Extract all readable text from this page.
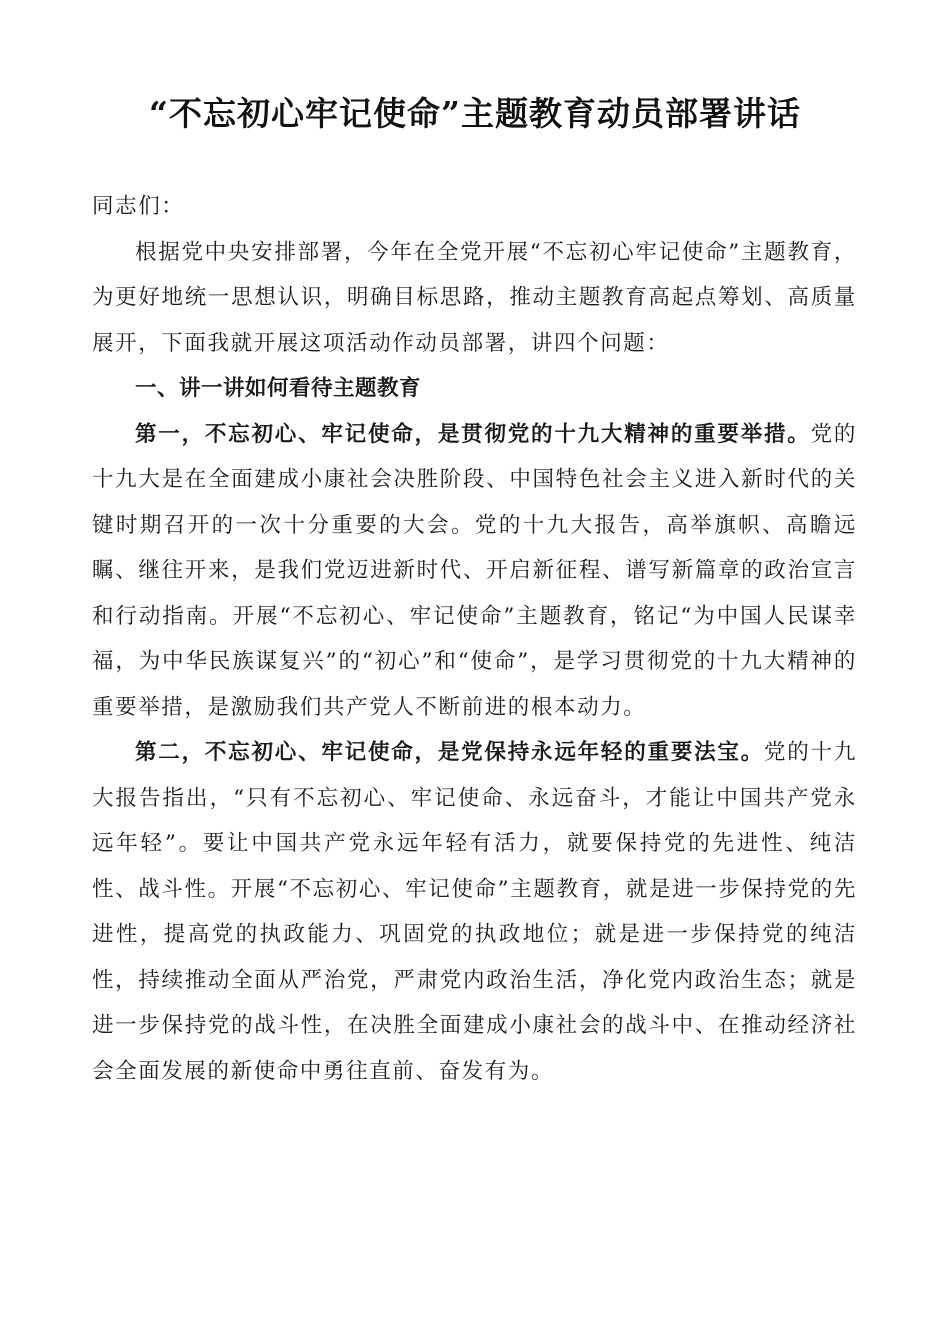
“不忘初心牢记使命”主题教育动员部署讲话

同志们：

根据党中央安排部署，今年在全党开展“不忘初心牢记使命”主题教育，为更好地统一思想认识，明确目标思路，推动主题教育高起点筹划、高质量展开，下面我就开展这项活动作动员部署，讲四个问题：

一、讲一讲如何看待主题教育

第一，不忘初心、牢记使命，是贯彻党的十九大精神的重要举措。党的十九大是在全面建成小康社会决胜阶段、中国特色社会主义进入新时代的关键时期召开的一次十分重要的大会。党的十九大报告，高举旗帜、高瞻远瞩、继往开来，是我们党迈进新时代、开启新征程、谱写新篇章的政治宣言和行动指南。开展“不忘初心、牢记使命”主题教育，铭记“为中国人民谋幸福，为中华民族谋复兴”的“初心”和“使命”，是学习贯彻党的十九大精神的重要举措，是激励我们共产党人不断前进的根本动力。

第二，不忘初心、牢记使命，是党保持永远年轻的重要法宝。党的十九大报告指出，“只有不忘初心、牢记使命、永远奋斗，才能让中国共产党永远年轻”。要让中国共产党永远年轻有活力，就要保持党的先进性、纯洁性、战斗性。开展“不忘初心、牢记使命”主题教育，就是进一步保持党的先进性，提高党的执政能力、巩固党的执政地位；就是进一步保持党的纯洁性，持续推动全面从严治党，严肃党内政治生活，净化党内政治生态；就是进一步保持党的战斗性，在决胜全面建成小康社会的战斗中、在推动经济社会全面发展的新使命中勇往直前、奋发有为。
